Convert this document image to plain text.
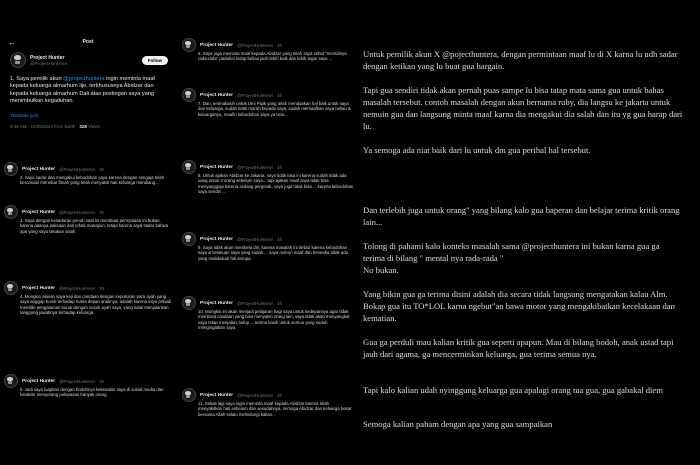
←	Post
Project Hunter
@ProjectHuntersA
Follow
1. Saya pemilik akun @projecthuntera ingin meminta maaf kepada keluarga almarhum lije, terkhususnya Abidzar dan kepada keluarga almarhum Dali atas postingan saya yang menimbulkan kegaduhan.
Translate post
9:46 AM · 23/05/2024 from Earth · 328 Views
Project Hunter @ProjectHuntersA · 3h
2. Saya sadar dan mengakui kebodohan saya karena dengan sengaja telah bercanda/ menebar fitnah yang telah menyakiti hati keluarga mendiang...
Project Hunter @ProjectHuntersA · 3h
3. Saya dengan kesadaran penuh saat ini membuat pernyataan ini bukan karena adanya paksaan dari pihak manapun, tetapi karena saya sadar bahwa apa yang saya lakukan salah.
Project Hunter @ProjectHuntersA · 3h
4. Mungkin alasan saya keji dan candaan dengan keputusan para ayah yang saya anggap buruk terhadap mana depan anaknya, adalah karena saya pribadi memiliki pengalaman buruk dengan sosok ayah saya, yang tidak menjalankan tanggung jawabnya terhadap keluarga.
Project Hunter @ProjectHuntersA · 3h
5. Jadi saya luapkan dengan bodohnya kekesalan saya di sosial media dan karakter menyerang pelepasan banyak orang.
Project Hunter @ProjectHuntersA · 3h
6. Saya juga meminta maaf kepada Abidzar yang telah saya sebut "mentalnya rada-rada" padahal hidup beliau jauh lebih baik dan lebih tegar saya ...
Project Hunter @ProjectHuntersA · 3h
7. Dan, terimakasih untuk Umi Pipik yang telah mendoakan hal baik untuk saya dan keluarga, sudah tidak marah kepada saya, sudah memaafkan saya beliau & keluarganya, maafin kebodohan saya ya Umi...
Project Hunter @ProjectHuntersA · 3h
8. Untuk ajakan Abidzar ke Jakarta, saya tidak bisa ini karena sudah tidak ada uang untuk 2 orang sebelum saya... tapi ajakan maaf saya tidak bisa menyanggupi karena sedang pergerak, saya juga tidak bisa ... karena kebodohan saya sendiri ...
Project Hunter @ProjectHuntersA · 3h
9. Saya tidak akan membela diri, karena masalah ini timbul karena kebodohan saya & kelakuan saya yang sudah ... saya mohon maaf dan bersedia tidak ada yang melakukan hal serupa.
Project Hunter @ProjectHuntersA · 3h
10. Mungkin ini akan menjadi pelajaran bagi saya untuk kedepannya agar tidak membuat candaan yang bisa menyakiti orang lain, saya tidak akan menyangkal, saya tetap menjalani hidup ... terima kasih untuk semua yang sudah mengingatkan saya.
Project Hunter @ProjectHuntersA · 3h
11. Sekali lagi saya ingin meminta maaf kepada Abidzar karena telah menyakitkan hati sebelum dan sesudahnya, semoga Abidzar dan keluarga besar bersama Allah selalu melindungi kalian...

Untuk pemilik akun X @pojecthuntera, dengan permintaan maaf lu di X karna lu udh sadar dengan ketikan yang lu buat gua hargain.

Tapi gua sendiri tidak akan pernah puas sampe lu bisa tatap mata sama gua untuk bahas masalah tersebut. contoh masalah dengan akun bernama ruby, dia langsu ke jakarta untuk nemuin gua dan langsung minta maaf karna dia mengakui dia salah dan itu yg gua harap dari lu.

Ya semoga ada niat baik dari lu untuk dm gua perihal hal tersebut.

Dan terlebih juga untuk orang" yang bilang kalo gua baperan dan belajar terima kritik orang lain...

Tolong di pahami kalo konteks masalah sama @projecthuntera ini bukan karna gua ga terima di bilang " mental nya rada-rada "
No bukan.

Yang bikin gua ga terima disini adalah dia secara tidak langsung mengatakan kalau Alm. Bokap gua itu TO*LOL karna ngebut"an bawa motor yang mengakibatkan kecelakaan dan kematian.

Gua ga perduli mau kalian kritik gua seperti apapun. Mau di bilang bodoh, anak ustad tapi jauh dari agama, ga mencerminkan keluarga, gua terima semua nya.

Tapi kalo kalian udah nyinggung keluarga gua apalagi orang tua gua, gua gabakal diem

Semoga kalian paham dengan apa yang gua sampaikan
